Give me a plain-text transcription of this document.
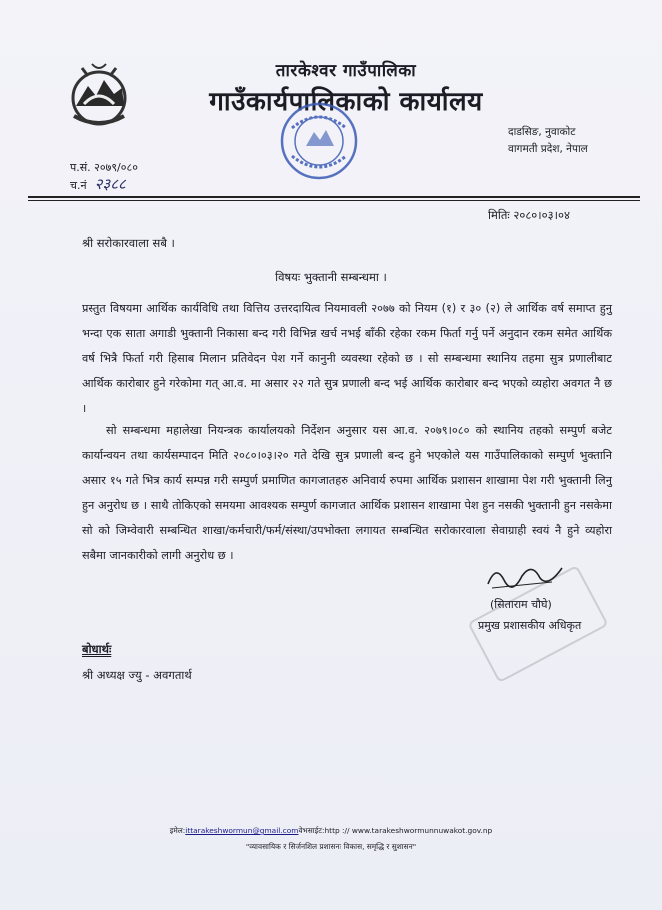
तारकेश्वर गाउँपालिका
गाउँकार्यपालिकाको कार्यालय
दाडसिङ, नुवाकोट
वागमती प्रदेश, नेपाल
प.सं. २०७९/०८०
च.नं २३८८
मितिः २०८०।०३।०४
श्री सरोकारवाला सबै ।
विषयः भुक्तानी सम्बन्धमा ।
प्रस्तुत विषयमा आर्थिक कार्यविधि तथा वित्तिय उत्तरदायित्व नियमावली २०७७ को नियम (१) र ३० (२) ले आर्थिक वर्ष समाप्त हुनु भन्दा एक साता अगाडी भुक्तानी निकासा बन्द गरी विभिन्न खर्च नभई बाँकी रहेका रकम फिर्ता गर्नु पर्ने अनुदान रकम समेत आर्थिक वर्ष भित्रै फिर्ता गरी हिसाब मिलान प्रतिवेदन पेश गर्ने कानुनी व्यवस्था रहेको छ । सो सम्बन्धमा स्थानिय तहमा सुत्र प्रणालीबाट आर्थिक कारोबार हुने गरेकोमा गत् आ.व. मा असार २२ गते सुत्र प्रणाली बन्द भई आर्थिक कारोबार बन्द भएको व्यहोरा अवगत नै छ ।
सो सम्बन्धमा महालेखा नियन्त्रक कार्यालयको निर्देशन अनुसार यस आ.व. २०७९।०८० को स्थानिय तहको सम्पुर्ण बजेट कार्यान्वयन तथा कार्यसम्पादन मिति २०८०।०३।२० गते देखि सुत्र प्रणाली बन्द हुने भएकोले यस गाउँपालिकाको सम्पुर्ण भुक्तानि असार १५ गते भित्र कार्य सम्पन्न गरी सम्पुर्ण प्रमाणित कागजातहरु अनिवार्य रुपमा आर्थिक प्रशासन शाखामा पेश गरी भुक्तानी लिनु हुन अनुरोध छ । साथै तोकिएको समयमा आवश्यक सम्पुर्ण कागजात आर्थिक प्रशासन शाखामा पेश हुन नसकी भुक्तानी हुन नसकेमा सो को जिम्वेवारी सम्बन्धित शाखा/कर्मचारी/फर्म/संस्था/उपभोक्ता लगायत सम्बन्धित सरोकारवाला सेवाग्राही स्वयं नै हुने व्यहोरा सबैमा जानकारीको लागी अनुरोध छ ।
(सिताराम चौघे)
प्रमुख प्रशासकीय अधिकृत
बोधार्थः
श्री अध्यक्ष ज्यु - अवगतार्थ
इमेल:ittarakeshwormun@gmail.comवेभसाईट:http :// www.tarakeshwormunnuwakot.gov.np
"व्यावसायिक र सिर्जनशिल प्रशासनः विकास, समृद्धि र सुशासन"
